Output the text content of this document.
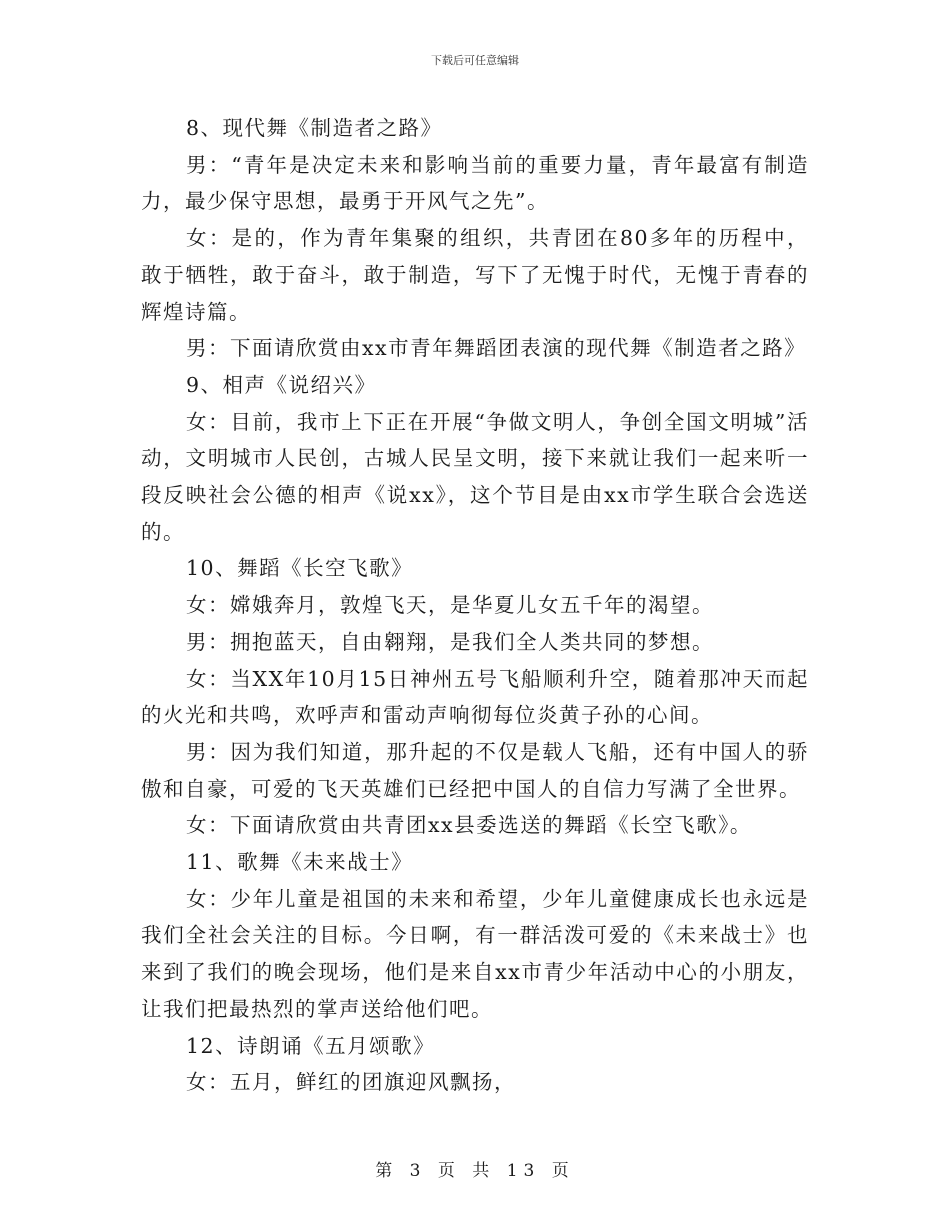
下载后可任意编辑

8、现代舞《制造者之路》

男：“青年是决定未来和影响当前的重要力量，青年最富有制造力，最少保守思想，最勇于开风气之先”。

女：是的，作为青年集聚的组织，共青团在80多年的历程中，敢于牺牲，敢于奋斗，敢于制造，写下了无愧于时代，无愧于青春的辉煌诗篇。

男：下面请欣赏由xx市青年舞蹈团表演的现代舞《制造者之路》

9、相声《说绍兴》

女：目前，我市上下正在开展“争做文明人，争创全国文明城”活动，文明城市人民创，古城人民呈文明，接下来就让我们一起来听一段反映社会公德的相声《说xx》，这个节目是由xx市学生联合会选送的。

10、舞蹈《长空飞歌》

女：嫦娥奔月，敦煌飞天，是华夏儿女五千年的渴望。

男：拥抱蓝天，自由翱翔，是我们全人类共同的梦想。

女：当XX年10月15日神州五号飞船顺利升空，随着那冲天而起的火光和共鸣，欢呼声和雷动声响彻每位炎黄子孙的心间。

男：因为我们知道，那升起的不仅是载人飞船，还有中国人的骄傲和自豪，可爱的飞天英雄们已经把中国人的自信力写满了全世界。

女：下面请欣赏由共青团xx县委选送的舞蹈《长空飞歌》。

11、歌舞《未来战士》

女：少年儿童是祖国的未来和希望，少年儿童健康成长也永远是我们全社会关注的目标。今日啊，有一群活泼可爱的《未来战士》也来到了我们的晚会现场，他们是来自xx市青少年活动中心的小朋友，让我们把最热烈的掌声送给他们吧。

12、诗朗诵《五月颂歌》

女：五月，鲜红的团旗迎风飘扬，

第 3 页 共 13 页
